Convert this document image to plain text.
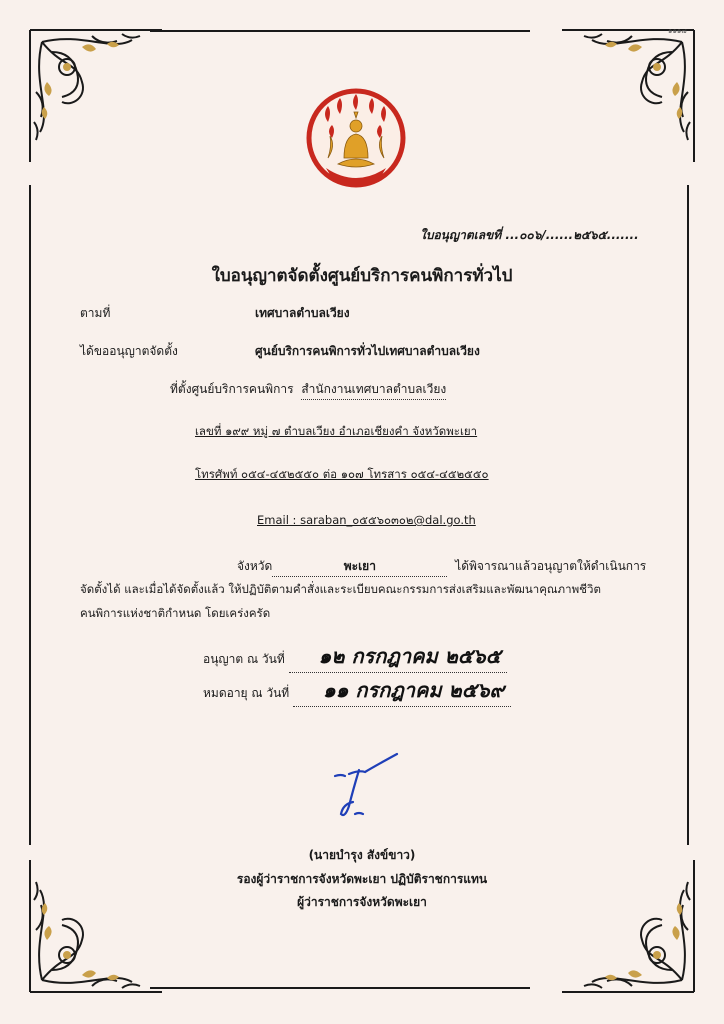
๑๑๑๗
ใบอนุญาตเลขที่ ...๐๐๖/......๒๕๖๕.......
ใบอนุญาตจัดตั้งศูนย์บริการคนพิการทั่วไป
ตามที่	เทศบาลตำบลเวียง
ได้ขออนุญาตจัดตั้ง	ศูนย์บริการคนพิการทั่วไปเทศบาลตำบลเวียง
ที่ตั้งศูนย์บริการคนพิการ สำนักงานเทศบาลตำบลเวียง
เลขที่ ๑๙๙ หมู่ ๗ ตำบลเวียง อำเภอเชียงคำ จังหวัดพะเยา
โทรศัพท์ ๐๕๔-๔๕๒๕๕๐ ต่อ ๑๐๗ โทรสาร ๐๕๔-๔๕๒๕๕๐
Email : saraban_๐๕๕๖๐๓๐๒@dal.go.th
จังหวัด	พะเยา	ได้พิจารณาแล้วอนุญาตให้ดำเนินการ
จัดตั้งได้ และเมื่อได้จัดตั้งแล้ว ให้ปฏิบัติตามคำสั่งและระเบียบคณะกรรมการส่งเสริมและพัฒนาคุณภาพชีวิต
คนพิการแห่งชาติกำหนด โดยเคร่งครัด
อนุญาต ณ วันที่ ๑๒ กรกฎาคม ๒๕๖๕
หมดอายุ ณ วันที่ ๑๑ กรกฎาคม ๒๕๖๙
(นายบำรุง สังข์ขาว)
รองผู้ว่าราชการจังหวัดพะเยา ปฏิบัติราชการแทน
ผู้ว่าราชการจังหวัดพะเยา
